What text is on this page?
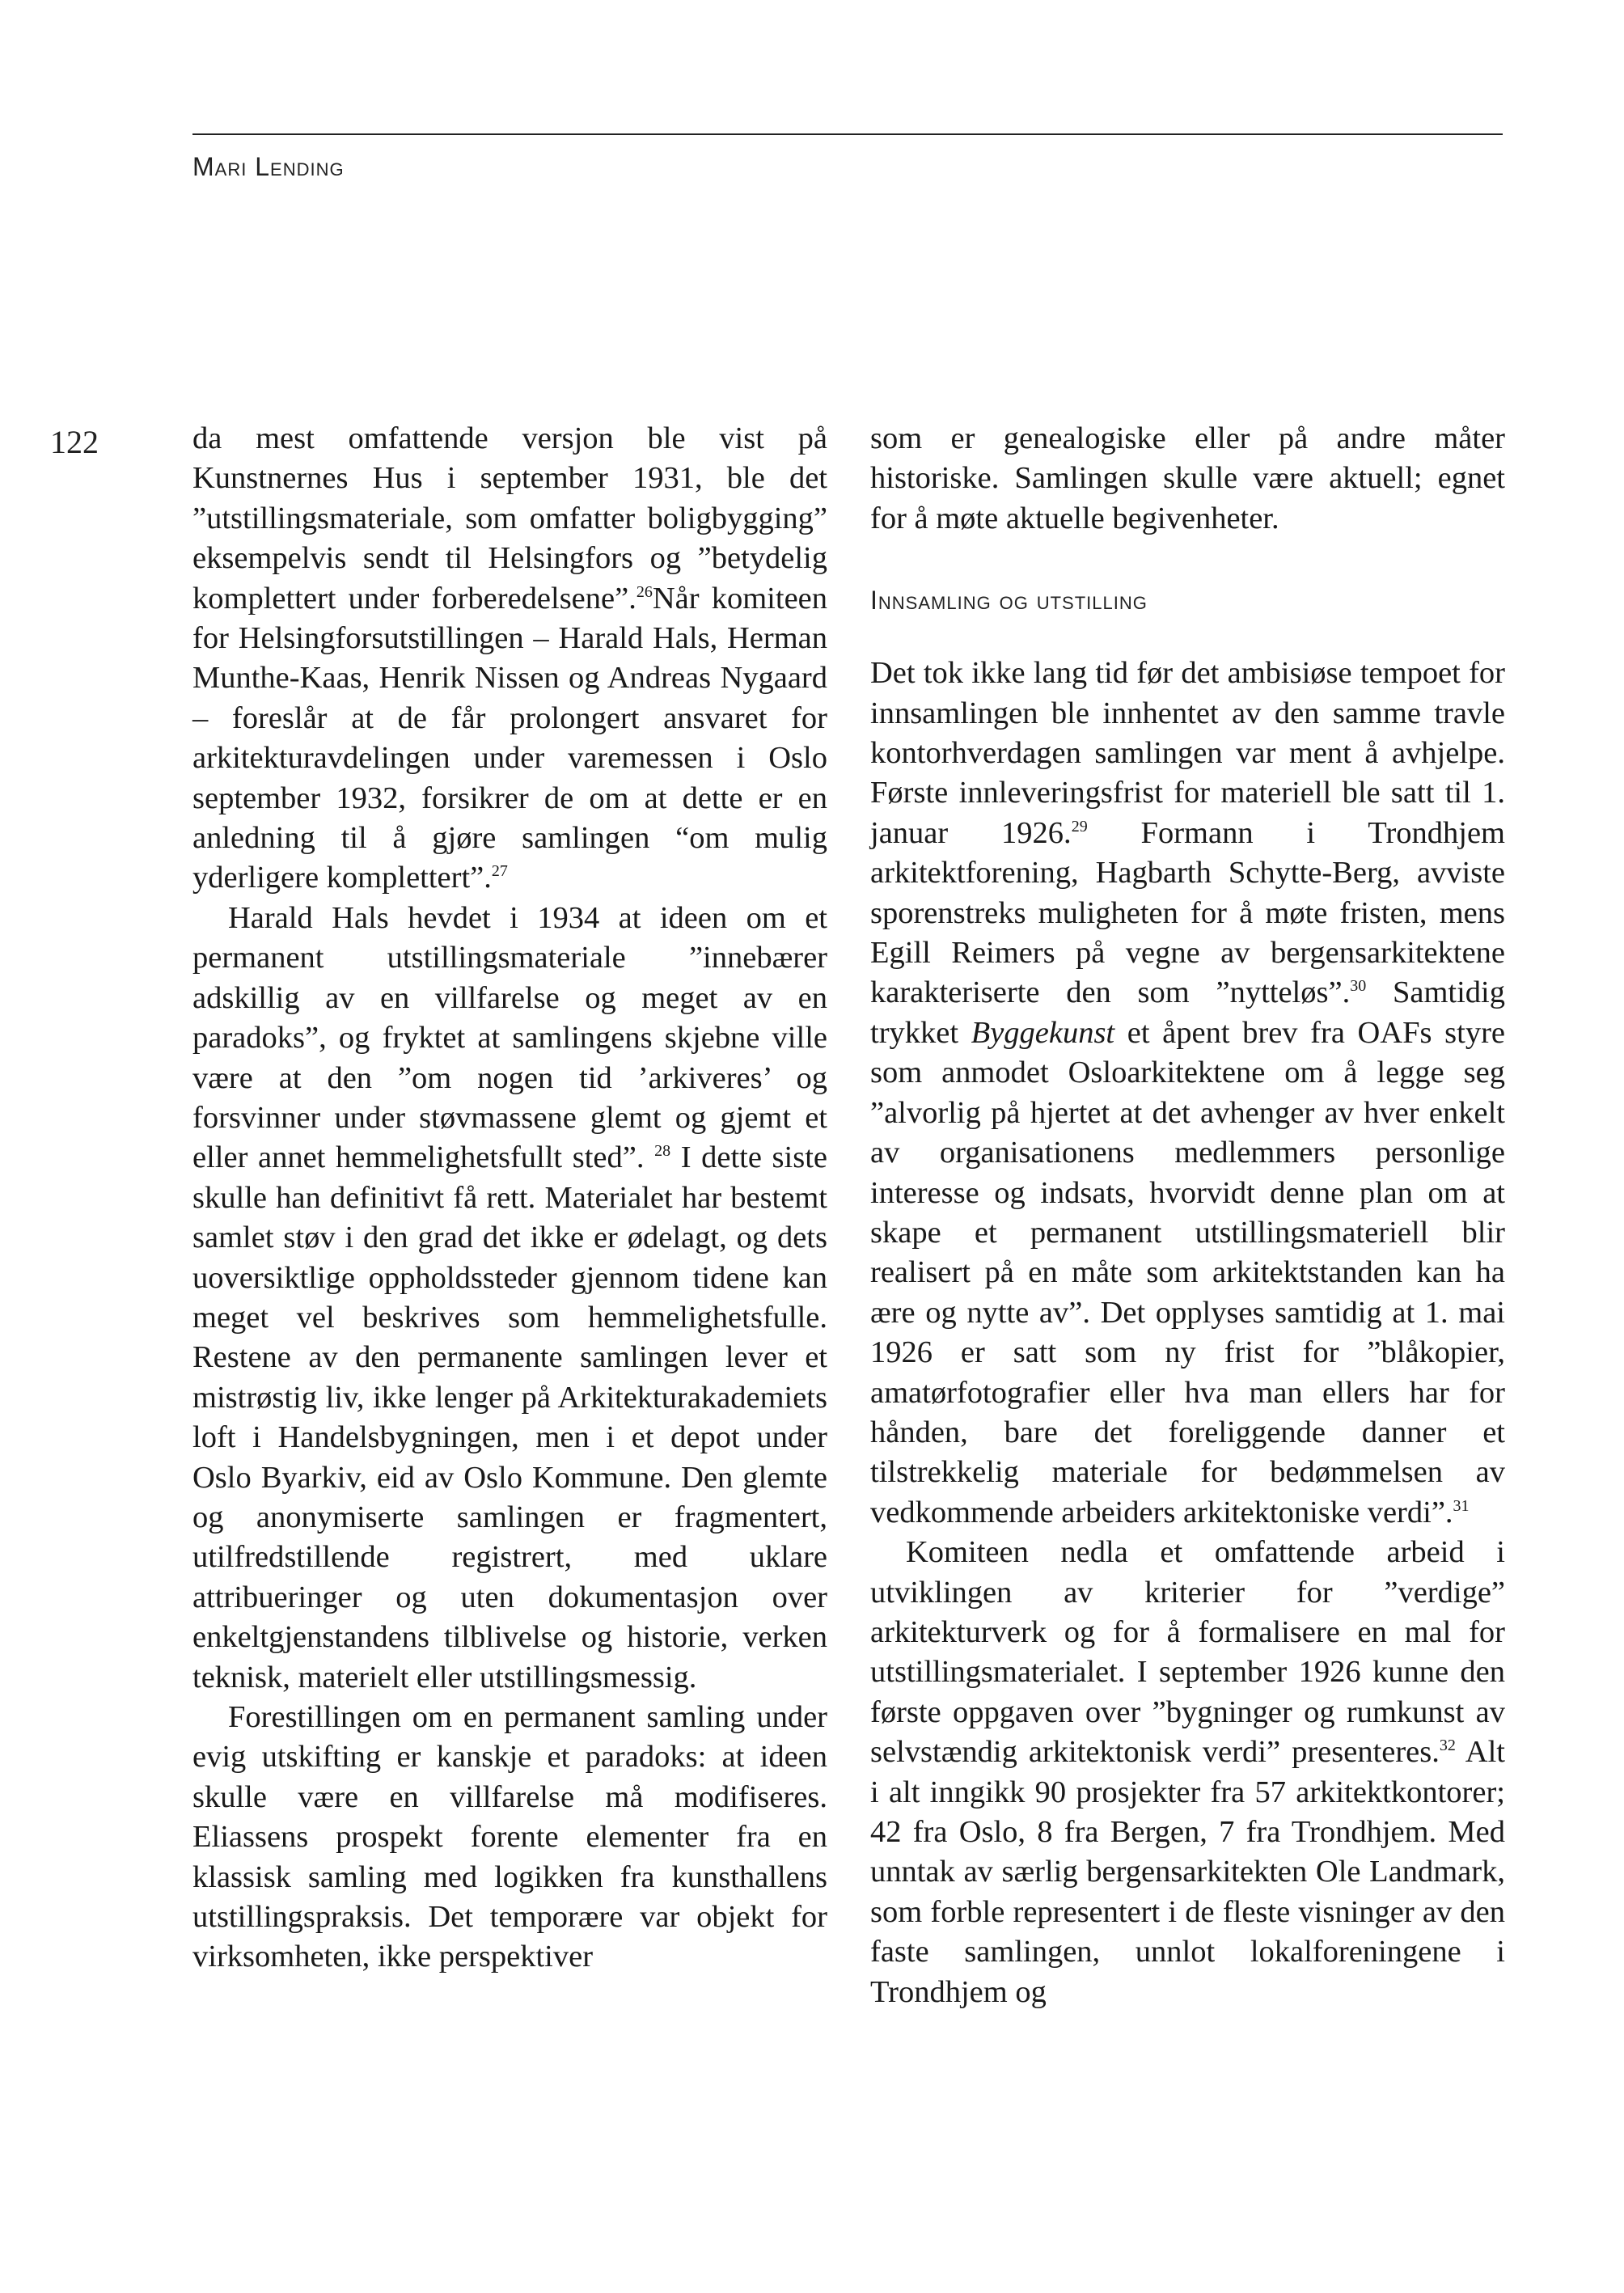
Mari Lending
122	da mest omfattende versjon ble vist på Kunstnernes Hus i september 1931, ble det ”utstillingsmateriale, som omfatter boligbygging” eksempelvis sendt til Helsingfors og ”betydelig komplettert under forberedelsene”.$^{26}$Når komiteen for Helsingforsutstillingen – Harald Hals, Herman Munthe-Kaas, Henrik Nissen og Andreas Nygaard – foreslår at de får prolongert ansvaret for arkitekturavdelingen under varemessen i Oslo september 1932, forsikrer de om at dette er en anledning til å gjøre samlingen “om mulig yderligere komplettert”.$^{27}$

Harald Hals hevdet i 1934 at ideen om et permanent utstillingsmateriale ”innebærer adskillig av en villfarelse og meget av en paradoks”, og fryktet at samlingens skjebne ville være at den ”om nogen tid ’arkiveres’ og forsvinner under støvmassene glemt og gjemt et eller annet hemmelighetsfullt sted”. $^{28}$ I dette siste skulle han definitivt få rett. Materialet har bestemt samlet støv i den grad det ikke er ødelagt, og dets uoversiktlige oppholdssteder gjennom tidene kan meget vel beskrives som hemmelighetsfulle. Restene av den permanente samlingen lever et mistrøstig liv, ikke lenger på Arkitekturakademiets loft i Handelsbygningen, men i et depot under Oslo Byarkiv, eid av Oslo Kommune. Den glemte og anonymiserte samlingen er fragmentert, utilfredstillende registrert, med uklare attribueringer og uten dokumentasjon over enkeltgjenstandens tilblivelse og historie, verken teknisk, materielt eller utstillingsmessig.

Forestillingen om en permanent samling under evig utskifting er kanskje et paradoks: at ideen skulle være en villfarelse må modifiseres. Eliassens prospekt forente elementer fra en klassisk samling med logikken fra kunsthallens utstillingspraksis. Det temporære var objekt for virksomheten, ikke perspektiver

som er genealogiske eller på andre måter historiske. Samlingen skulle være aktuell; egnet for å møte aktuelle begivenheter.

Innsamling og utstilling

Det tok ikke lang tid før det ambisiøse tempoet for innsamlingen ble innhentet av den samme travle kontorhverdagen samlingen var ment å avhjelpe. Første innleveringsfrist for materiell ble satt til 1. januar 1926.29 Formann i Trondhjem arkitektforening, Hagbarth Schytte-Berg, avviste sporenstreks muligheten for å møte fristen, mens Egill Reimers på vegne av bergensarkitektene karakteriserte den som ”nytteløs”.$^{30}$ Samtidig trykket Byggekunst et åpent brev fra OAFs styre som anmodet Osloarkitektene om å legge seg ”alvorlig på hjertet at det avhenger av hver enkelt av organisationens medlemmers personlige interesse og indsats, hvorvidt denne plan om at skape et permanent utstillingsmateriell blir realisert på en måte som arkitektstanden kan ha ære og nytte av”. Det opplyses samtidig at 1. mai 1926 er satt som ny frist for ”blåkopier, amatørfotografier eller hva man ellers har for hånden, bare det foreliggende danner et tilstrekkelig materiale for bedømmelsen av vedkommende arbeiders arkitektoniske verdi”.$^{31}$

Komiteen nedla et omfattende arbeid i utviklingen av kriterier for ”verdige” arkitekturverk og for å formalisere en mal for utstillingsmaterialet. I september 1926 kunne den første oppgaven over ”bygninger og rumkunst av selvstændig arkitektonisk verdi” presenteres.$^{32}$ Alt i alt inngikk 90 prosjekter fra 57 arkitektkontorer; 42 fra Oslo, 8 fra Bergen, 7 fra Trondhjem. Med unntak av særlig bergensarkitekten Ole Landmark, som forble representert i de fleste visninger av den faste samlingen, unnlot lokalforeningene i Trondhjem og
